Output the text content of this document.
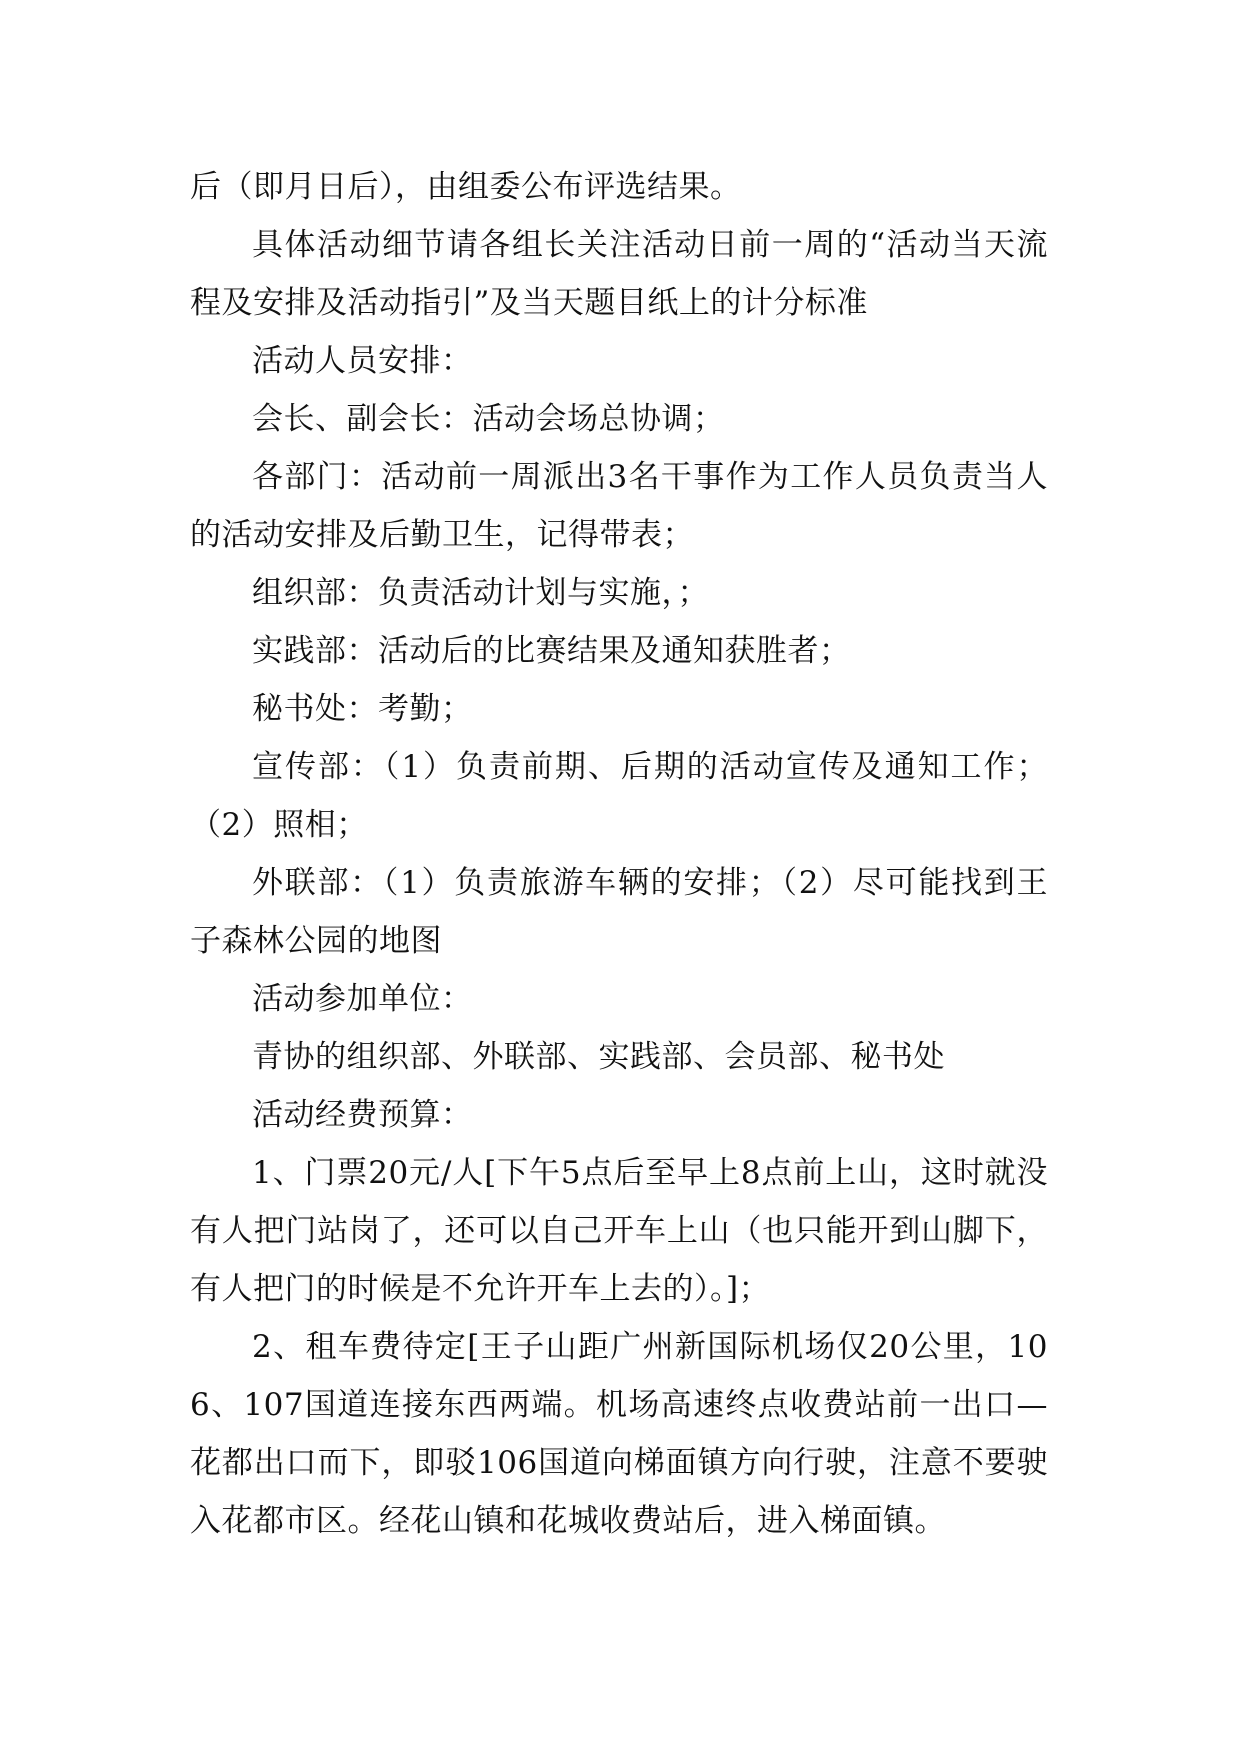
后（即月日后），由组委公布评选结果。

具体活动细节请各组长关注活动日前一周的“活动当天流程及安排及活动指引”及当天题目纸上的计分标准

活动人员安排：

会长、副会长：活动会场总协调；

各部门：活动前一周派出3名干事作为工作人员负责当人的活动安排及后勤卫生，记得带表；

组织部：负责活动计划与实施，；

实践部：活动后的比赛结果及通知获胜者；

秘书处：考勤；

宣传部：（1）负责前期、后期的活动宣传及通知工作；（2）照相；

外联部：（1）负责旅游车辆的安排；（2）尽可能找到王子森林公园的地图

活动参加单位：

青协的组织部、外联部、实践部、会员部、秘书处

活动经费预算：

1、门票20元/人[下午5点后至早上8点前上山，这时就没有人把门站岗了，还可以自己开车上山（也只能开到山脚下，有人把门的时候是不允许开车上去的）。]；

2、租车费待定[王子山距广州新国际机场仅20公里，106、107国道连接东西两端。机场高速终点收费站前一出口—花都出口而下，即驳106国道向梯面镇方向行驶，注意不要驶入花都市区。经花山镇和花城收费站后，进入梯面镇。
